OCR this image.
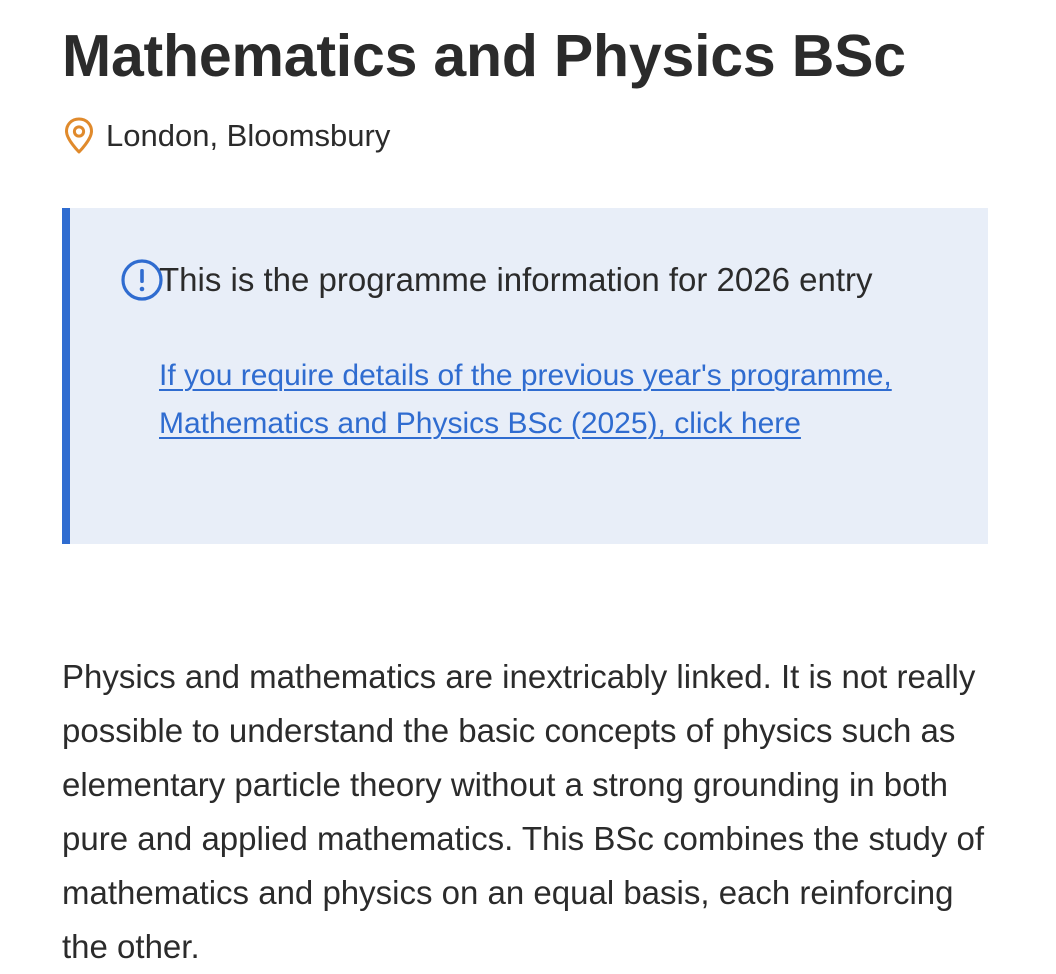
Mathematics and Physics BSc
London, Bloomsbury
This is the programme information for 2026 entry
If you require details of the previous year's programme, Mathematics and Physics BSc (2025), click here

Physics and mathematics are inextricably linked. It is not really possible to understand the basic concepts of physics such as elementary particle theory without a strong grounding in both pure and applied mathematics. This BSc combines the study of mathematics and physics on an equal basis, each reinforcing the other.
